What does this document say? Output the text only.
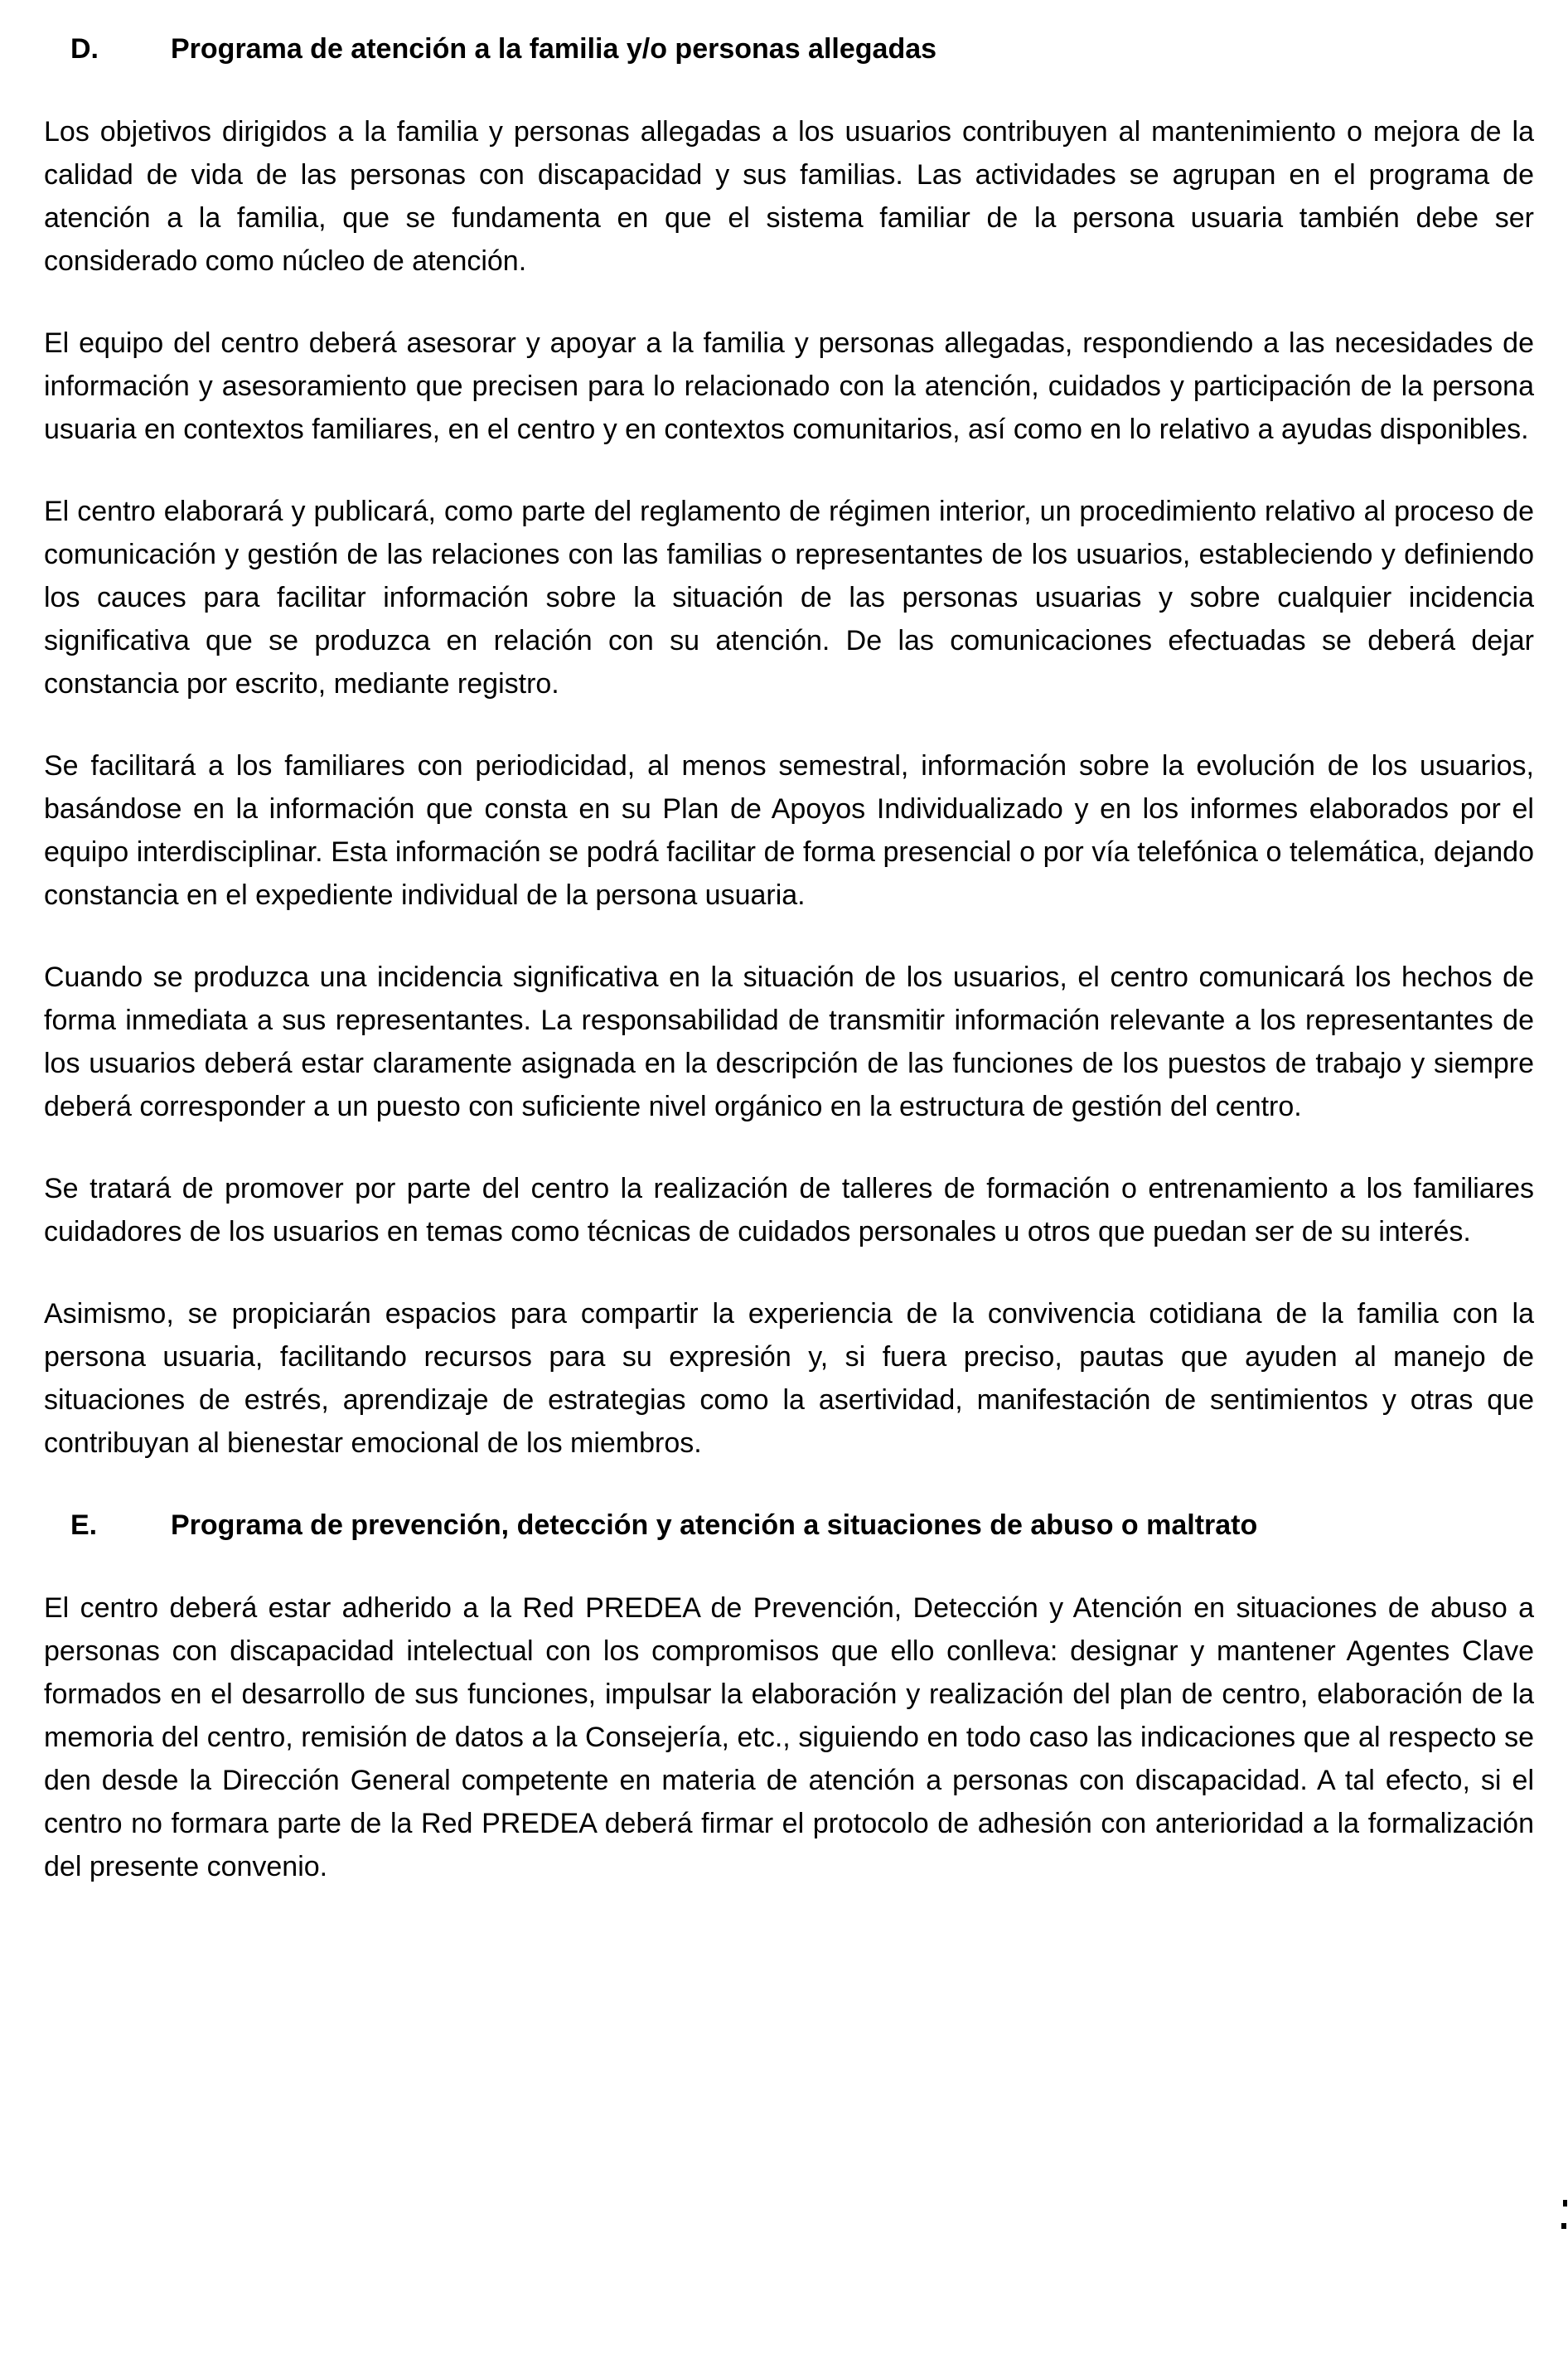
D.	Programa de atención a la familia y/o personas allegadas

Los objetivos dirigidos a la familia y personas allegadas a los usuarios contribuyen al mantenimiento o mejora de la calidad de vida de las personas con discapacidad y sus familias. Las actividades se agrupan en el programa de atención a la familia, que se fundamenta en que el sistema familiar de la persona usuaria también debe ser considerado como núcleo de atención.

El equipo del centro deberá asesorar y apoyar a la familia y personas allegadas, respondiendo a las necesidades de información y asesoramiento que precisen para lo relacionado con la atención, cuidados y participación de la persona usuaria en contextos familiares, en el centro y en contextos comunitarios, así como en lo relativo a ayudas disponibles.

El centro elaborará y publicará, como parte del reglamento de régimen interior, un procedimiento relativo al proceso de comunicación y gestión de las relaciones con las familias o representantes de los usuarios, estableciendo y definiendo los cauces para facilitar información sobre la situación de las personas usuarias y sobre cualquier incidencia significativa que se produzca en relación con su atención. De las comunicaciones efectuadas se deberá dejar constancia por escrito, mediante registro.

Se facilitará a los familiares con periodicidad, al menos semestral, información sobre la evolución de los usuarios, basándose en la información que consta en su Plan de Apoyos Individualizado y en los informes elaborados por el equipo interdisciplinar. Esta información se podrá facilitar de forma presencial o por vía telefónica o telemática, dejando constancia en el expediente individual de la persona usuaria.

Cuando se produzca una incidencia significativa en la situación de los usuarios, el centro comunicará los hechos de forma inmediata a sus representantes. La responsabilidad de transmitir información relevante a los representantes de los usuarios deberá estar claramente asignada en la descripción de las funciones de los puestos de trabajo y siempre deberá corresponder a un puesto con suficiente nivel orgánico en la estructura de gestión del centro.

Se tratará de promover por parte del centro la realización de talleres de formación o entrenamiento a los familiares cuidadores de los usuarios en temas como técnicas de cuidados personales u otros que puedan ser de su interés.

Asimismo, se propiciarán espacios para compartir la experiencia de la convivencia cotidiana de la familia con la persona usuaria, facilitando recursos para su expresión y, si fuera preciso, pautas que ayuden al manejo de situaciones de estrés, aprendizaje de estrategias como la asertividad, manifestación de sentimientos y otras que contribuyan al bienestar emocional de los miembros.

E.	Programa de prevención, detección y atención a situaciones de abuso o maltrato

El centro deberá estar adherido a la Red PREDEA de Prevención, Detección y Atención en situaciones de abuso a personas con discapacidad intelectual con los compromisos que ello conlleva: designar y mantener Agentes Clave formados en el desarrollo de sus funciones, impulsar la elaboración y realización del plan de centro, elaboración de la memoria del centro, remisión de datos a la Consejería, etc., siguiendo en todo caso las indicaciones que al respecto se den desde la Dirección General competente en materia de atención a personas con discapacidad. A tal efecto, si el centro no formara parte de la Red PREDEA deberá firmar el protocolo de adhesión con anterioridad a la formalización del presente convenio.
